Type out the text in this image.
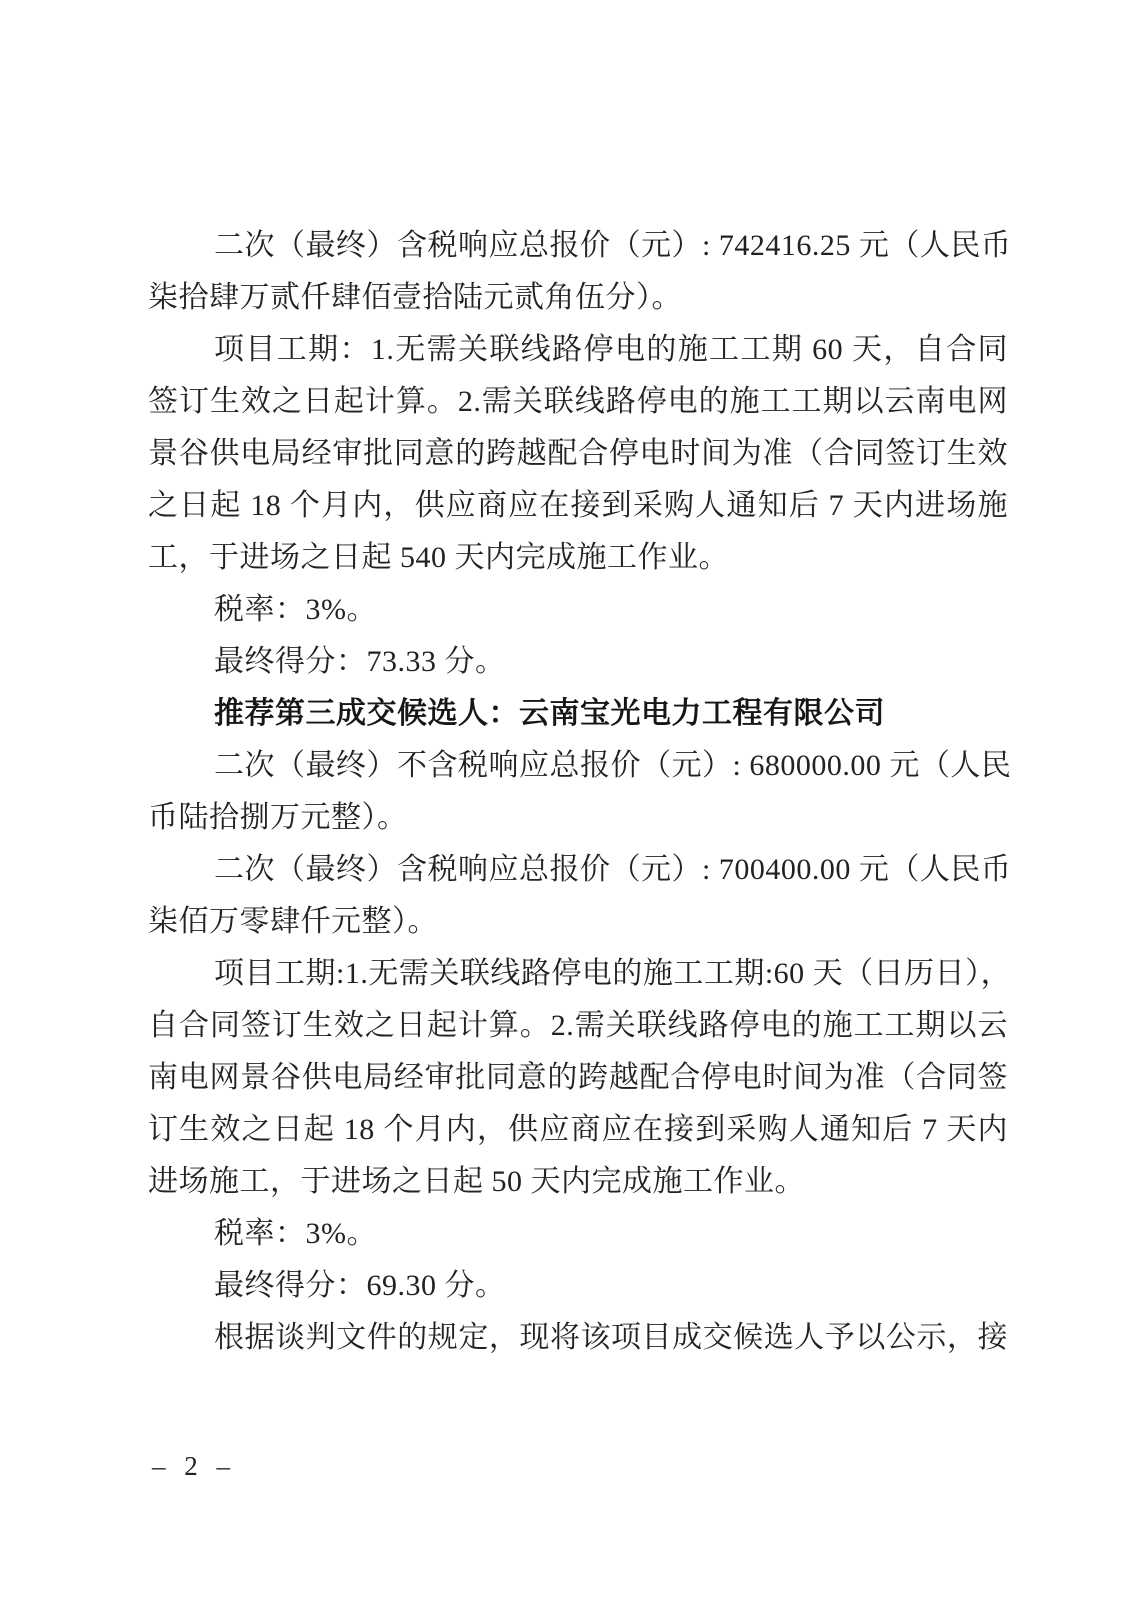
二次（最终）含税响应总报价（元）: 742416.25 元（人民币
柒拾肆万贰仟肆佰壹拾陆元贰角伍分）。
项目工期：1.无需关联线路停电的施工工期 60 天，自合同
签订生效之日起计算。2.需关联线路停电的施工工期以云南电网
景谷供电局经审批同意的跨越配合停电时间为准（合同签订生效
之日起 18 个月内，供应商应在接到采购人通知后 7 天内进场施
工，于进场之日起 540 天内完成施工作业。
税率：3%。
最终得分：73.33 分。
推荐第三成交候选人：云南宝光电力工程有限公司
二次（最终）不含税响应总报价（元）: 680000.00 元（人民
币陆拾捌万元整）。
二次（最终）含税响应总报价（元）: 700400.00 元（人民币
柒佰万零肆仟元整）。
项目工期:1.无需关联线路停电的施工工期:60 天（日历日），
自合同签订生效之日起计算。2.需关联线路停电的施工工期以云
南电网景谷供电局经审批同意的跨越配合停电时间为准（合同签
订生效之日起 18 个月内，供应商应在接到采购人通知后 7 天内
进场施工，于进场之日起 50 天内完成施工作业。
税率：3%。
最终得分：69.30 分。
根据谈判文件的规定，现将该项目成交候选人予以公示，接
– 2 –
